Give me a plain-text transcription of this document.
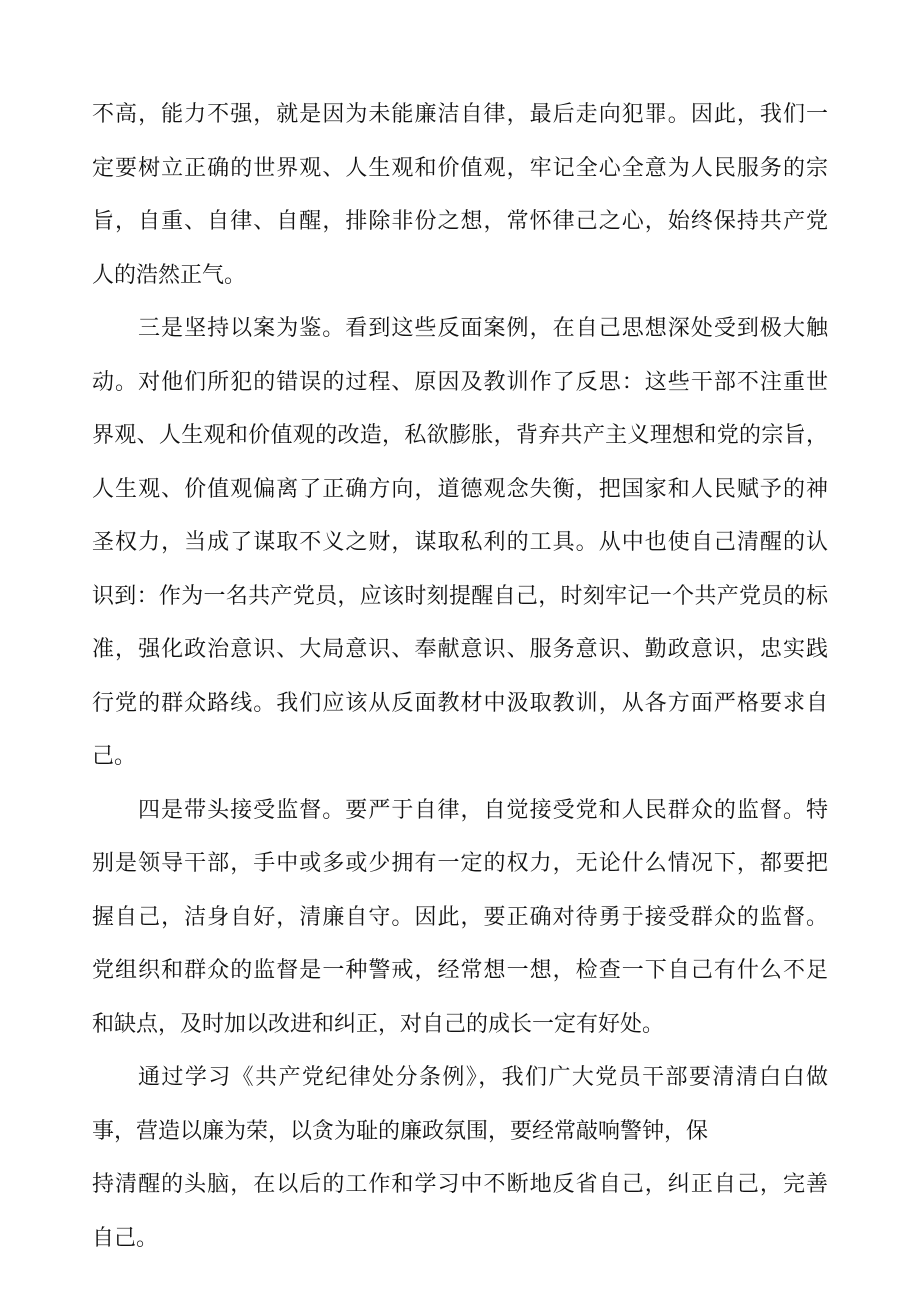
不高，能力不强，就是因为未能廉洁自律，最后走向犯罪。因此，我们一
定要树立正确的世界观、人生观和价值观，牢记全心全意为人民服务的宗
旨，自重、自律、自醒，排除非份之想，常怀律己之心，始终保持共产党
人的浩然正气。
三是坚持以案为鉴。看到这些反面案例，在自己思想深处受到极大触
动。对他们所犯的错误的过程、原因及教训作了反思：这些干部不注重世
界观、人生观和价值观的改造，私欲膨胀，背弃共产主义理想和党的宗旨，
人生观、价值观偏离了正确方向，道德观念失衡，把国家和人民赋予的神
圣权力，当成了谋取不义之财，谋取私利的工具。从中也使自己清醒的认
识到：作为一名共产党员，应该时刻提醒自己，时刻牢记一个共产党员的标
准，强化政治意识、大局意识、奉献意识、服务意识、勤政意识，忠实践
行党的群众路线。我们应该从反面教材中汲取教训，从各方面严格要求自
己。
四是带头接受监督。要严于自律，自觉接受党和人民群众的监督。特
别是领导干部，手中或多或少拥有一定的权力，无论什么情况下，都要把
握自己，洁身自好，清廉自守。因此，要正确对待勇于接受群众的监督。
党组织和群众的监督是一种警戒，经常想一想，检查一下自己有什么不足
和缺点，及时加以改进和纠正，对自己的成长一定有好处。
通过学习《共产党纪律处分条例》，我们广大党员干部要清清白白做
事，营造以廉为荣，以贪为耻的廉政氛围，要经常敲响警钟，保
持清醒的头脑，在以后的工作和学习中不断地反省自己，纠正自己，完善
自己。
